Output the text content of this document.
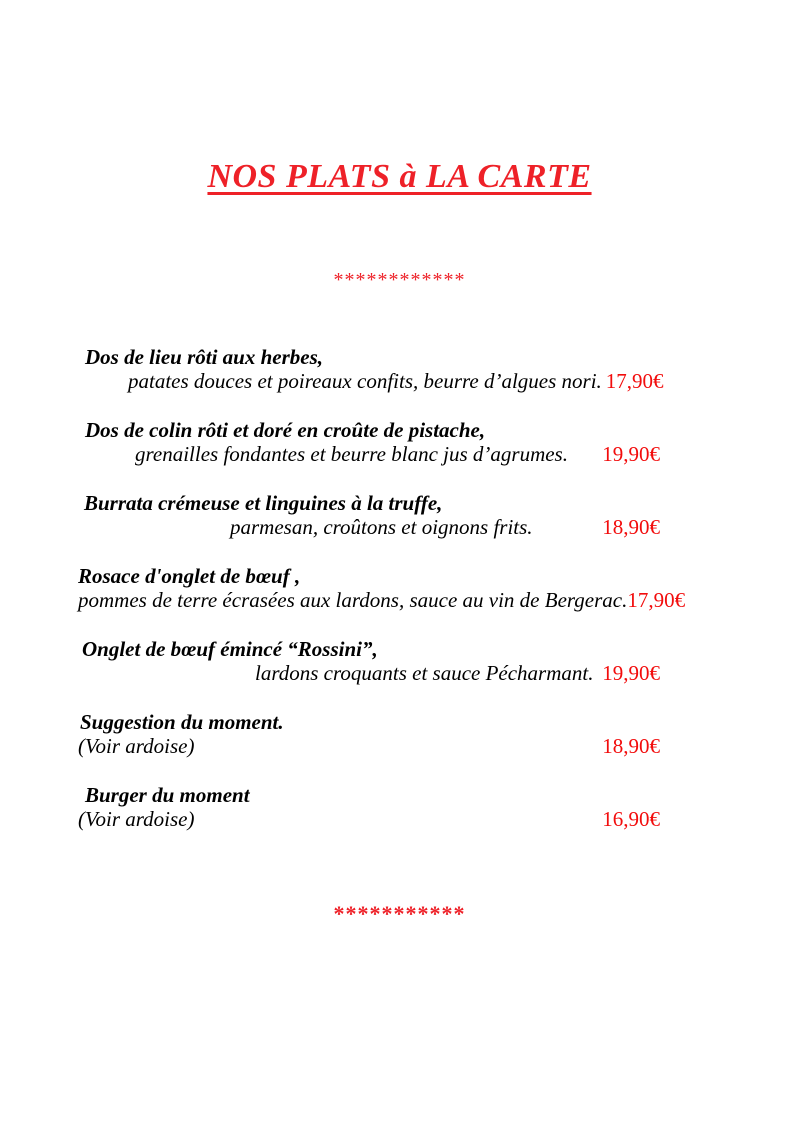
NOS PLATS à LA CARTE
************
Dos de lieu rôti aux herbes,
patates douces et poireaux confits, beurre d’algues nori. 17,90€
Dos de colin rôti et doré en croûte de pistache,
grenailles fondantes et beurre blanc jus d’agrumes. 19,90€
Burrata crémeuse et linguines à la truffe,
parmesan, croûtons et oignons frits.	18,90€
Rosace d'onglet de bœuf ,
pommes de terre écrasées aux lardons, sauce au vin de Bergerac. 17,90€
Onglet de bœuf émincé “Rossini”,
lardons croquants et sauce Pécharmant. 19,90€
Suggestion du moment.
(Voir ardoise)	18,90€
Burger du moment
(Voir ardoise)	16,90€
***********
